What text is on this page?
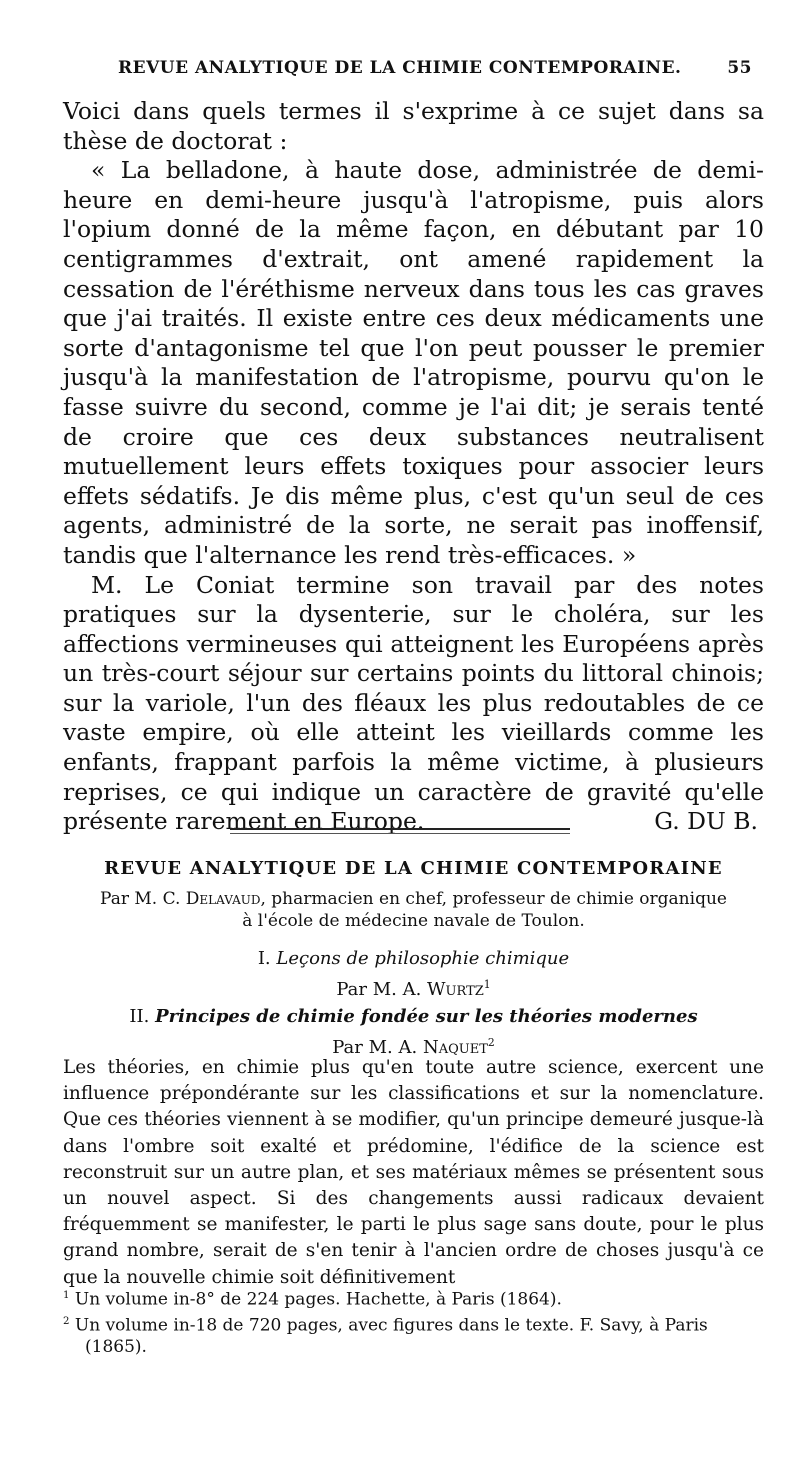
REVUE ANALYTIQUE DE LA CHIMIE CONTEMPORAINE.	55

Voici dans quels termes il s'exprime à ce sujet dans sa thèse de doctorat :

« La belladone, à haute dose, administrée de demi-heure en demi-heure jusqu'à l'atropisme, puis alors l'opium donné de la même façon, en débutant par 10 centigrammes d'extrait, ont amené rapidement la cessation de l'éréthisme nerveux dans tous les cas graves que j'ai traités. Il existe entre ces deux médicaments une sorte d'antagonisme tel que l'on peut pousser le premier jusqu'à la manifestation de l'atropisme, pourvu qu'on le fasse suivre du second, comme je l'ai dit; je serais tenté de croire que ces deux substances neutralisent mutuellement leurs effets toxiques pour associer leurs effets sédatifs. Je dis même plus, c'est qu'un seul de ces agents, administré de la sorte, ne serait pas inoffensif, tandis que l'alternance les rend très-efficaces. »

M. Le Coniat termine son travail par des notes pratiques sur la dysenterie, sur le choléra, sur les affections vermineuses qui atteignent les Européens après un très-court séjour sur certains points du littoral chinois; sur la variole, l'un des fléaux les plus redoutables de ce vaste empire, où elle atteint les vieillards comme les enfants, frappant parfois la même victime, à plusieurs reprises, ce qui indique un caractère de gravité qu'elle présente rarement en Europe.	G. DU B.
REVUE ANALYTIQUE DE LA CHIMIE CONTEMPORAINE
Par M. C. Delavaud, pharmacien en chef, professeur de chimie organique
à l'école de médecine navale de Toulon.
I. Leçons de philosophie chimique
Par M. A. Wurtz$^1$
II. Principes de chimie fondée sur les théories modernes
Par M. A. Naquet$^2$

Les théories, en chimie plus qu'en toute autre science, exercent une influence prépondérante sur les classifications et sur la nomenclature. Que ces théories viennent à se modifier, qu'un principe demeuré jusque-là dans l'ombre soit exalté et prédomine, l'édifice de la science est reconstruit sur un autre plan, et ses matériaux mêmes se présentent sous un nouvel aspect. Si des changements aussi radicaux devaient fréquemment se manifester, le parti le plus sage sans doute, pour le plus grand nombre, serait de s'en tenir à l'ancien ordre de choses jusqu'à ce que la nouvelle chimie soit définitivement

$^1$ Un volume in-8° de 224 pages. Hachette, à Paris (1864).

$^2$ Un volume in-18 de 720 pages, avec figures dans le texte. F. Savy, à Paris (1865).
